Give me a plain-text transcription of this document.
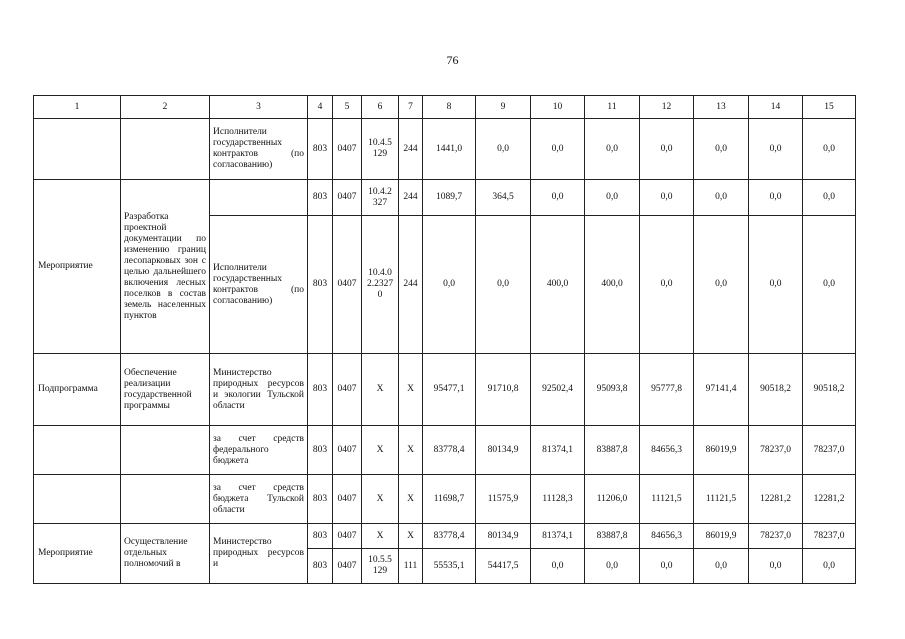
76
1	2	3	4	5	6	7	8	9	10	11	12	13	14	15
		Исполнители государственных контрактов (по согласованию)	803	0407	10.4.5 129	244	1441,0	0,0	0,0	0,0	0,0	0,0	0,0	0,0
Мероприятие	Разработка проектной документации по изменению границ лесопарковых зон с целью дальнейшего включения лесных поселков в состав земель населенных пунктов		803	0407	10.4.2 327	244	1089,7	364,5	0,0	0,0	0,0	0,0	0,0	0,0
		Исполнители государственных контрактов (по согласованию)	803	0407	10.4.0 2.2327 0	244	0,0	0,0	400,0	400,0	0,0	0,0	0,0	0,0
Подпрограмма	Обеспечение реализации государственной программы	Министерство природных ресурсов и экологии Тульской области	803	0407	X	X	95477,1	91710,8	92502,4	95093,8	95777,8	97141,4	90518,2	90518,2
		за счет средств федерального бюджета	803	0407	X	X	83778,4	80134,9	81374,1	83887,8	84656,3	86019,9	78237,0	78237,0
		за счет средств бюджета Тульской области	803	0407	X	X	11698,7	11575,9	11128,3	11206,0	11121,5	11121,5	12281,2	12281,2
Мероприятие	Осуществление отдельных полномочий в	Министерство природных ресурсов и	803	0407	X	X	83778,4	80134,9	81374,1	83887,8	84656,3	86019,9	78237,0	78237,0
			803	0407	10.5.5 129	111	55535,1	54417,5	0,0	0,0	0,0	0,0	0,0	0,0
